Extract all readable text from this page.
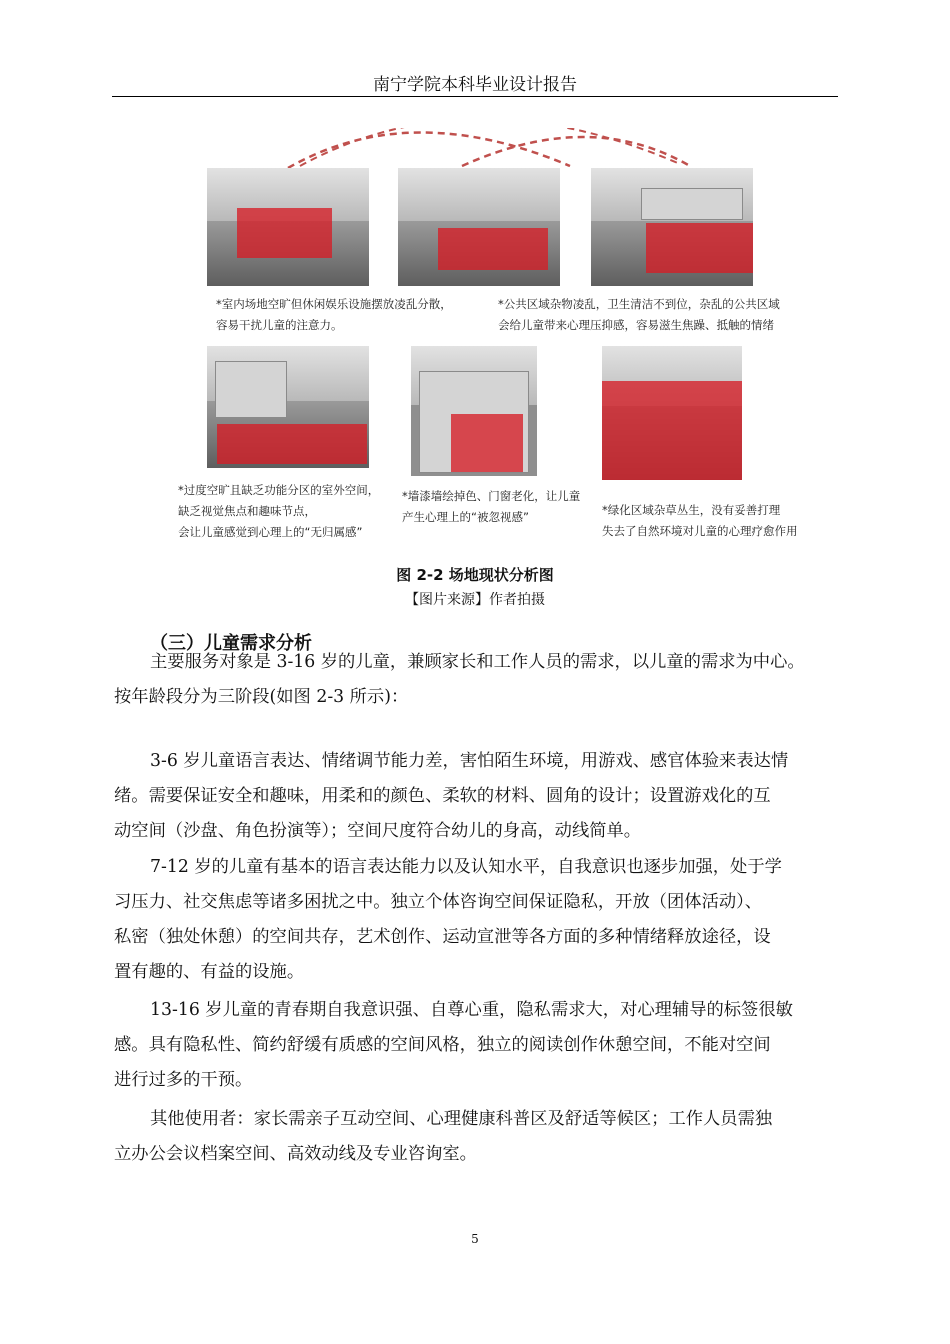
南宁学院本科毕业设计报告
*室内场地空旷但休闲娱乐设施摆放凌乱分散，
容易干扰儿童的注意力。
*公共区域杂物凌乱，卫生清洁不到位，杂乱的公共区域
会给儿童带来心理压抑感，容易滋生焦躁、抵触的情绪
*过度空旷且缺乏功能分区的室外空间，
缺乏视觉焦点和趣味节点，
会让儿童感觉到心理上的“无归属感”
*墙漆墙绘掉色、门窗老化，让儿童
产生心理上的“被忽视感”	*绿化区域杂草丛生，没有妥善打理
失去了自然环境对儿童的心理疗愈作用
图 2-2 场地现状分析图
【图片来源】作者拍摄
（三）儿童需求分析
主要服务对象是 3-16 岁的儿童，兼顾家长和工作人员的需求，以儿童的需求为中心。
按年龄段分为三阶段(如图 2-3 所示)：
3-6 岁儿童语言表达、情绪调节能力差，害怕陌生环境，用游戏、感官体验来表达情
绪。需要保证安全和趣味，用柔和的颜色、柔软的材料、圆角的设计；设置游戏化的互
动空间（沙盘、角色扮演等）；空间尺度符合幼儿的身高，动线简单。
7-12 岁的儿童有基本的语言表达能力以及认知水平，自我意识也逐步加强，处于学
习压力、社交焦虑等诸多困扰之中。独立个体咨询空间保证隐私，开放（团体活动）、
私密（独处休憩）的空间共存，艺术创作、运动宣泄等各方面的多种情绪释放途径，设
置有趣的、有益的设施。
13-16 岁儿童的青春期自我意识强、自尊心重，隐私需求大，对心理辅导的标签很敏
感。具有隐私性、简约舒缓有质感的空间风格，独立的阅读创作休憩空间，不能对空间
进行过多的干预。
其他使用者：家长需亲子互动空间、心理健康科普区及舒适等候区；工作人员需独
立办公会议档案空间、高效动线及专业咨询室。
5
